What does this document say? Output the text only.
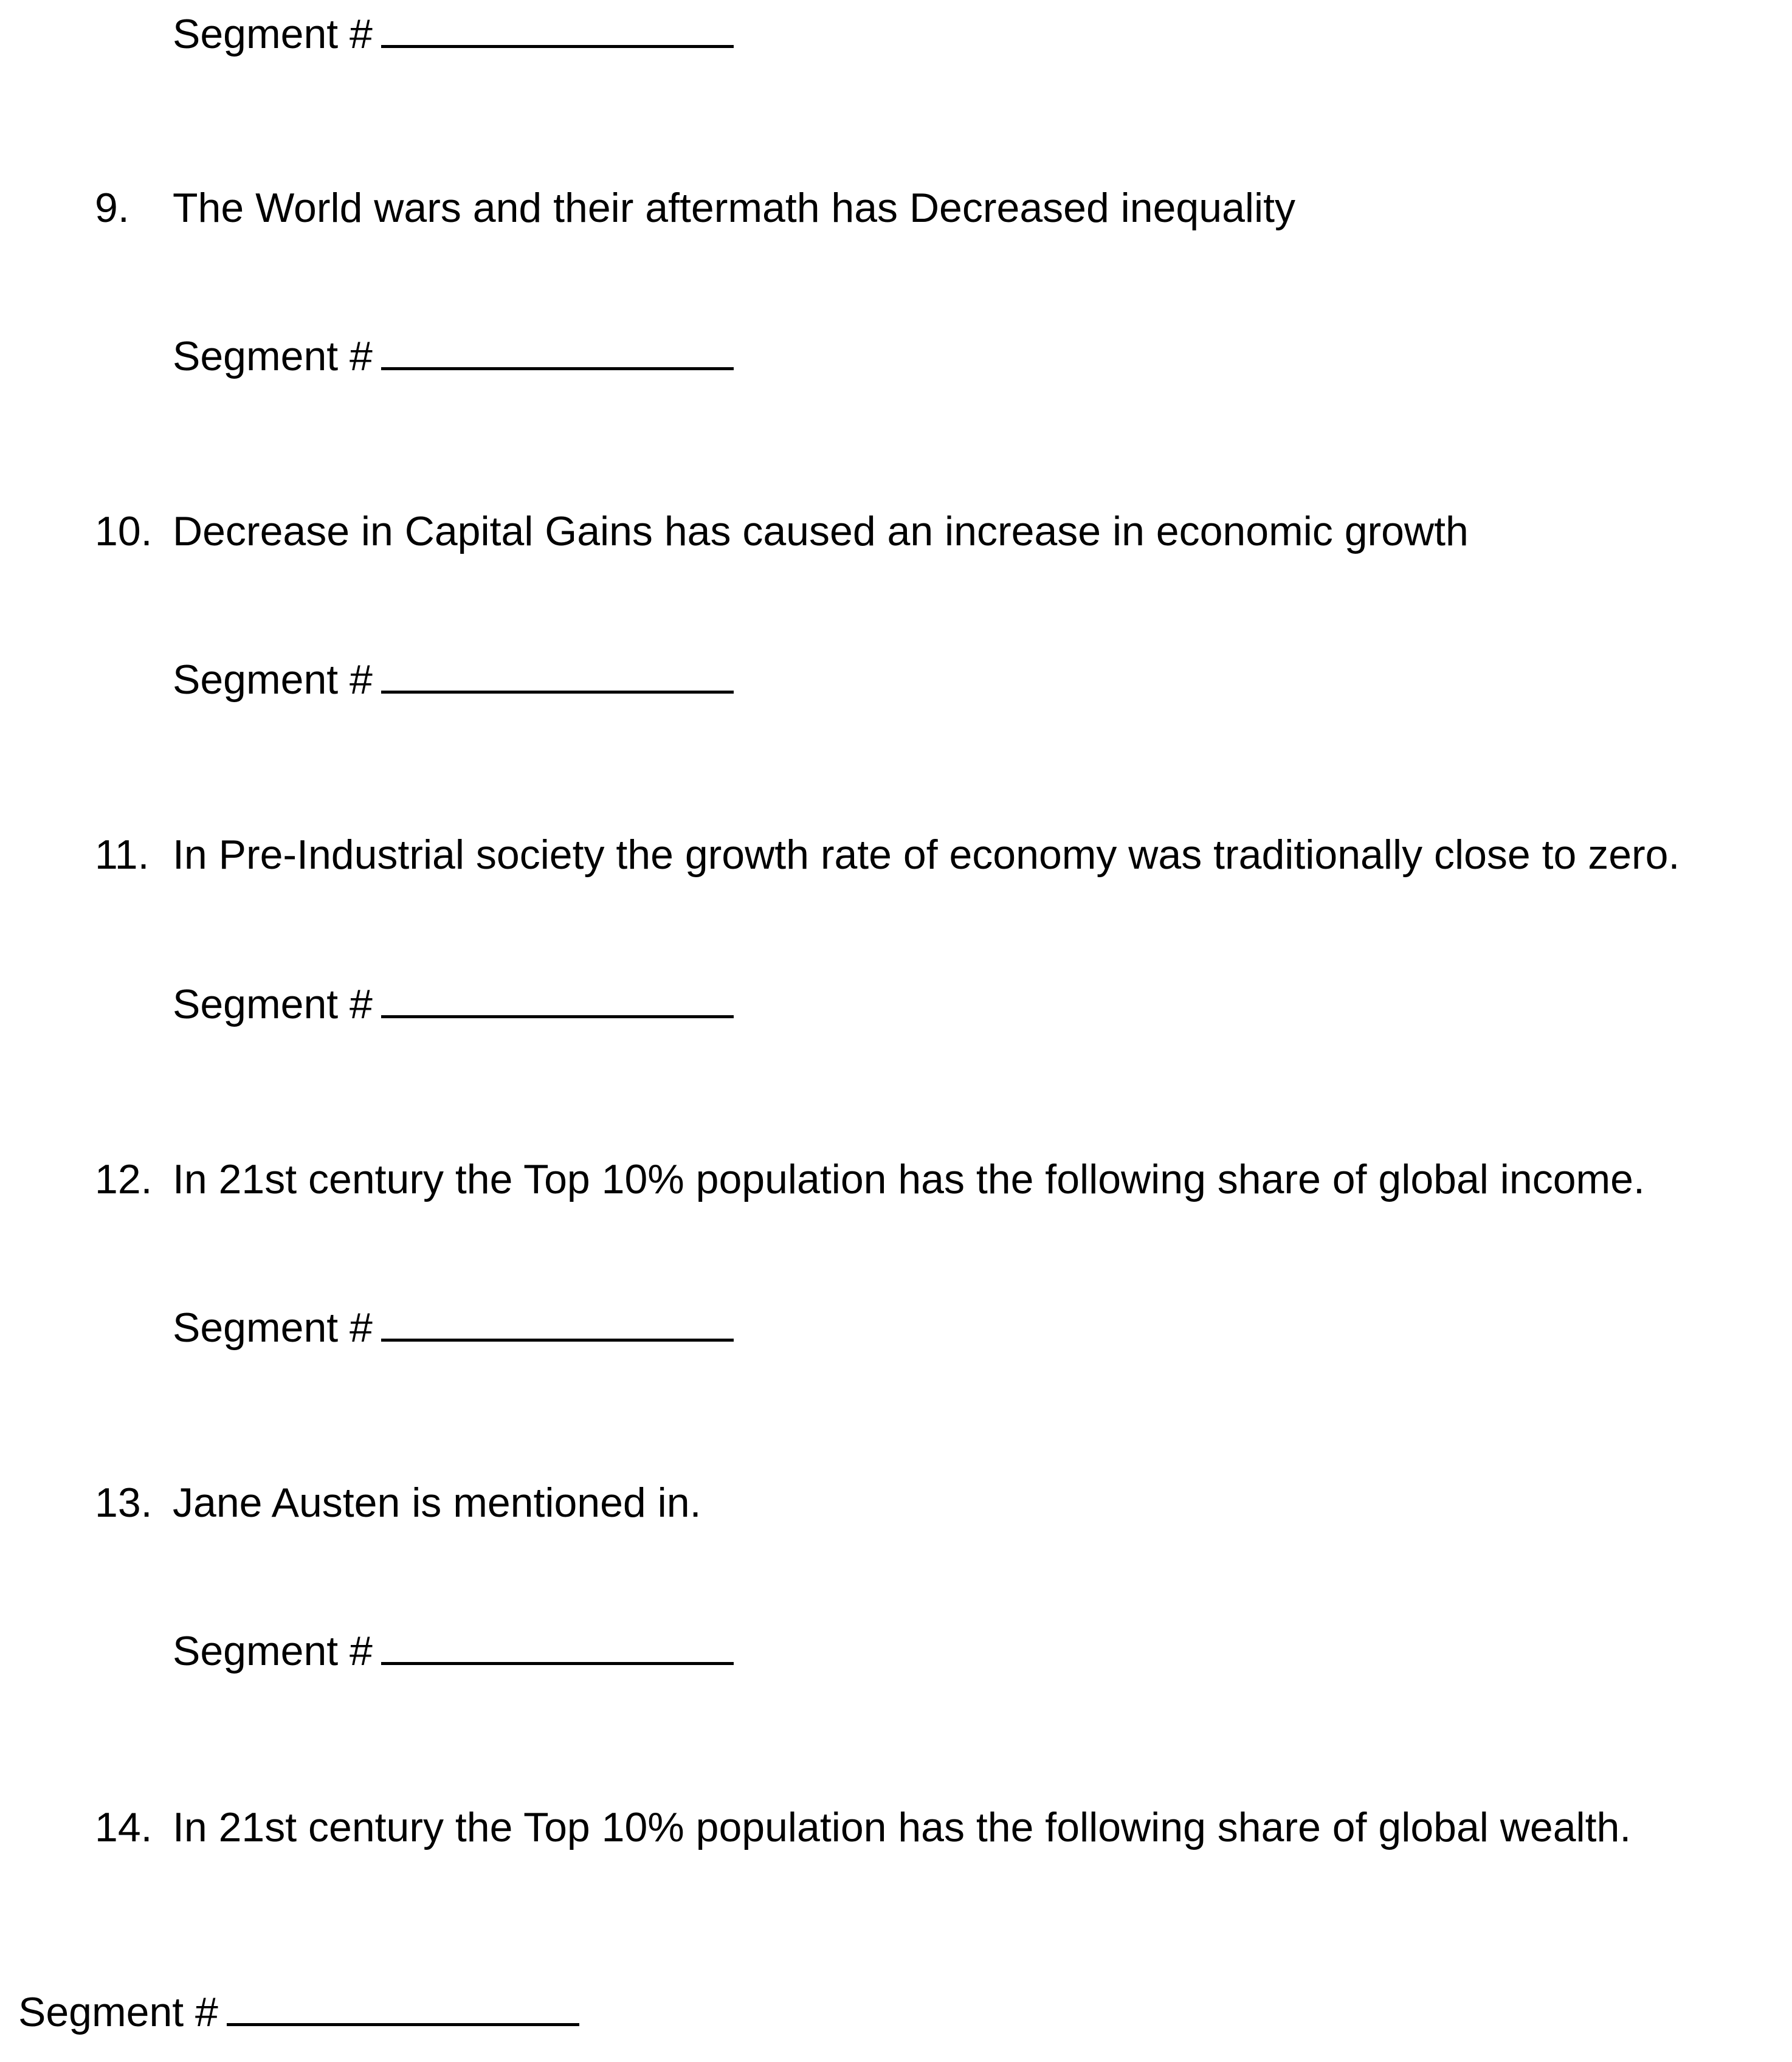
Segment #
9. The World wars and their aftermath has Decreased inequality
Segment #
10. Decrease in Capital Gains has caused an increase in economic growth
Segment #
11. In Pre-Industrial society the growth rate of economy was traditionally close to zero.
Segment #
12. In 21st century the Top 10% population has the following share of global income.
Segment #
13. Jane Austen is mentioned in.
Segment #
14. In 21st century the Top 10% population has the following share of global wealth.
Segment #
